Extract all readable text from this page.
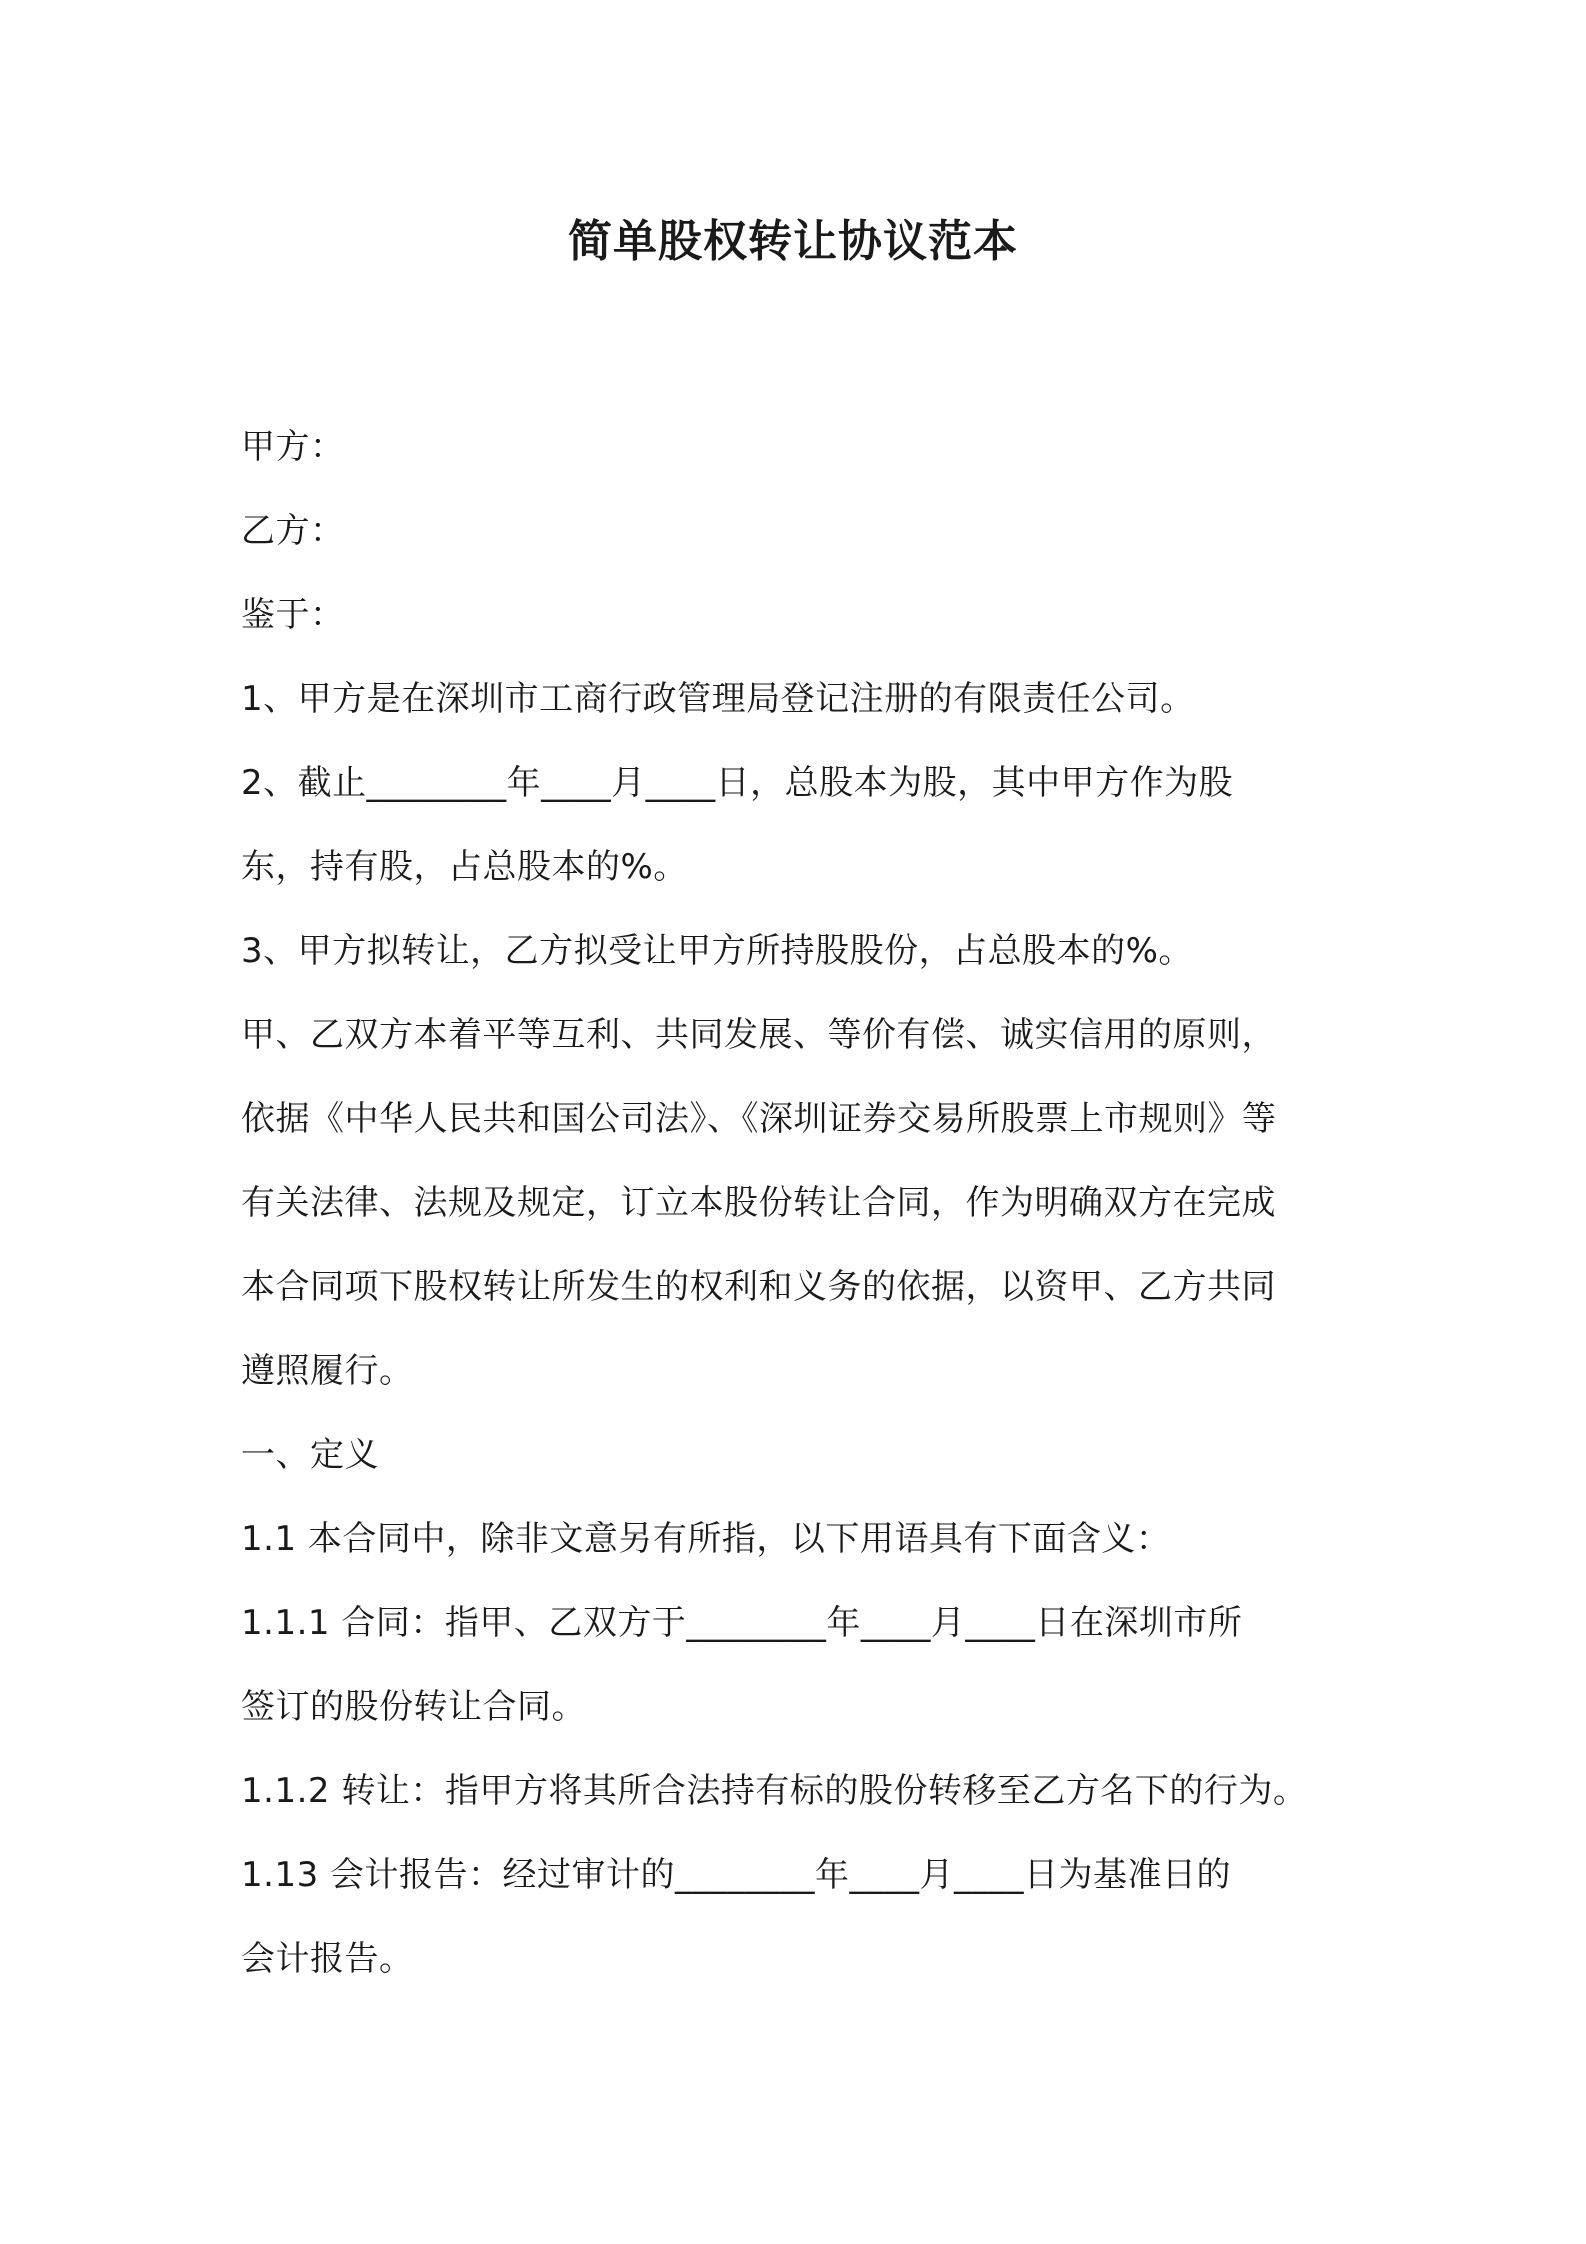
简单股权转让协议范本

甲方：

乙方：

鉴于：

1、甲方是在深圳市工商行政管理局登记注册的有限责任公司。

2、截止________年____月____日，总股本为股，其中甲方作为股

东，持有股，占总股本的%。

3、甲方拟转让，乙方拟受让甲方所持股股份，占总股本的%。

甲、乙双方本着平等互利、共同发展、等价有偿、诚实信用的原则，

依据《中华人民共和国公司法》、《深圳证券交易所股票上市规则》等

有关法律、法规及规定，订立本股份转让合同，作为明确双方在完成

本合同项下股权转让所发生的权利和义务的依据，以资甲、乙方共同

遵照履行。

一、定义

1.1 本合同中，除非文意另有所指，以下用语具有下面含义：

1.1.1 合同：指甲、乙双方于________年____月____日在深圳市所

签订的股份转让合同。

1.1.2 转让：指甲方将其所合法持有标的股份转移至乙方名下的行为。

1.13 会计报告：经过审计的________年____月____日为基准日的

会计报告。
